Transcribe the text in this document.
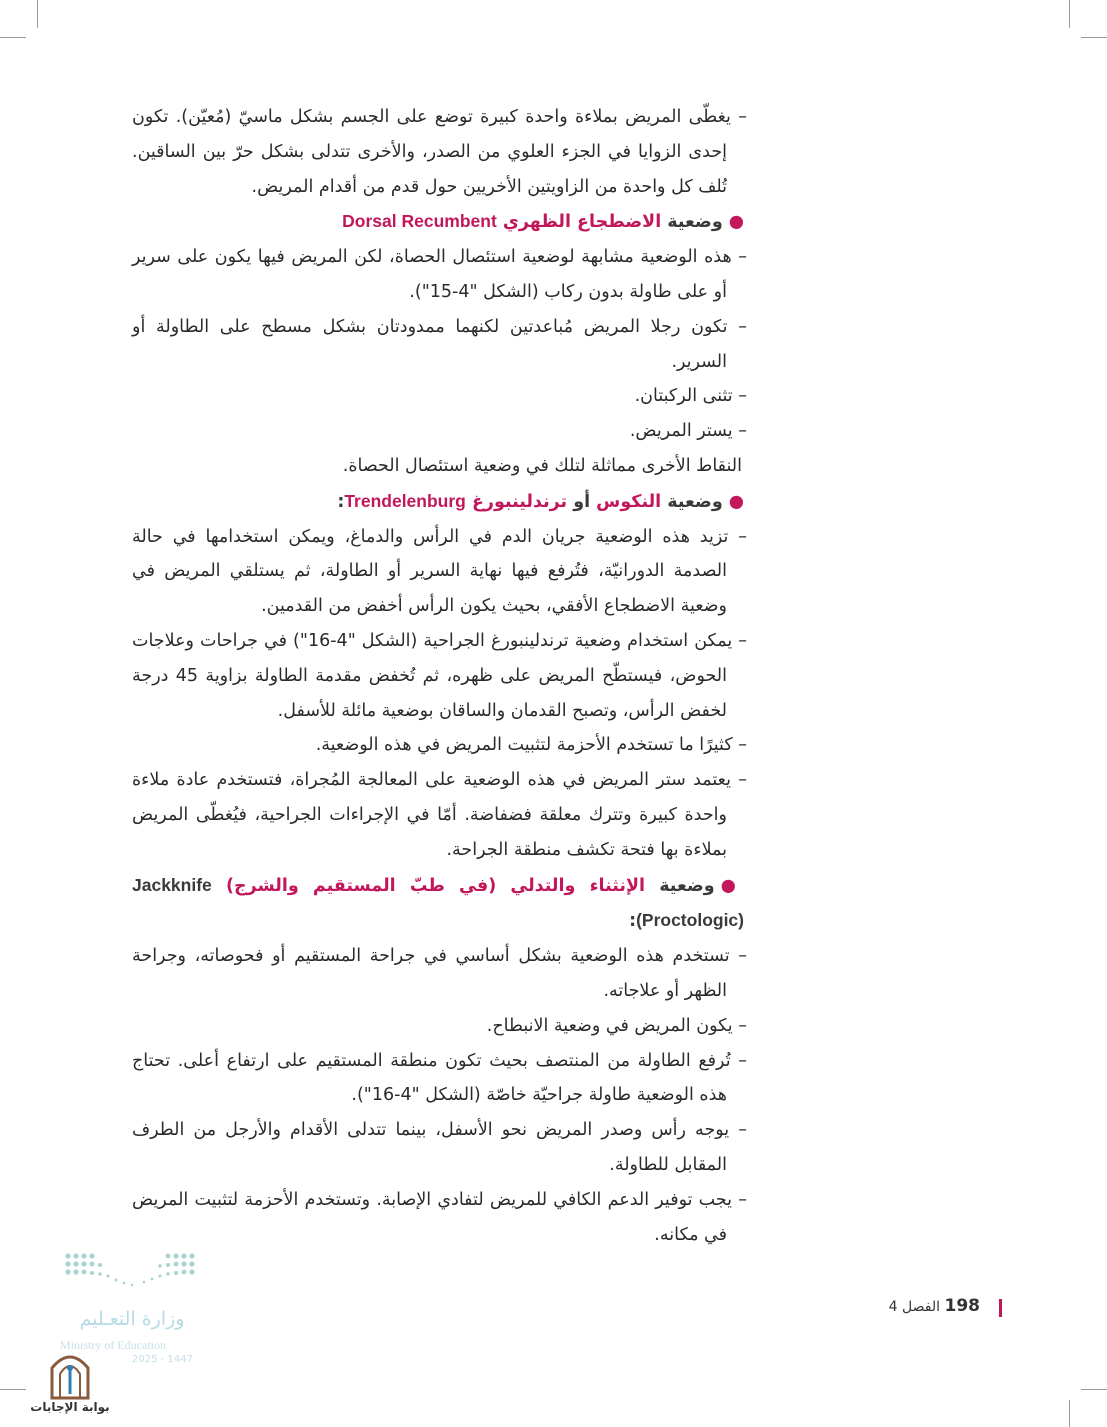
– يغطّى المريض بملاءة واحدة كبيرة توضع على الجسم بشكل ماسيّ (مُعيّن). تكون إحدى الزوايا في الجزء العلوي من الصدر، والأخرى تتدلى بشكل حرّ بين الساقين. تُلف كل واحدة من الزاويتين الأخريين حول قدم من أقدام المريض.

●وضعية الاضطجاع الظهري Dorsal Recumbent

– هذه الوضعية مشابهة لوضعية استئصال الحصاة، لكن المريض فيها يكون على سرير أو على طاولة بدون ركاب (الشكل "4-15").

– تكون رجلا المريض مُباعدتين لكنهما ممدودتان بشكل مسطح على الطاولة أو السرير.

– تثنى الركبتان.

– يستر المريض.

النقاط الأخرى مماثلة لتلك في وضعية استئصال الحصاة.

●وضعية النكوس أو ترندلينبورغ Trendelenburg:

– تزيد هذه الوضعية جريان الدم في الرأس والدماغ، ويمكن استخدامها في حالة الصدمة الدورانيّة، فتُرفع فيها نهاية السرير أو الطاولة، ثم يستلقي المريض في وضعية الاضطجاع الأفقي، بحيث يكون الرأس أخفض من القدمين.

– يمكن استخدام وضعية ترندلينبورغ الجراحية (الشكل "4-16") في جراحات وعلاجات الحوض، فيستطّح المريض على ظهره، ثم تُخفض مقدمة الطاولة بزاوية 45 درجة لخفض الرأس، وتصبح القدمان والساقان بوضعية مائلة للأسفل.

– كثيرًا ما تستخدم الأحزمة لتثبيت المريض في هذه الوضعية.

– يعتمد ستر المريض في هذه الوضعية على المعالجة المُجراة، فتستخدم عادة ملاءة واحدة كبيرة وتترك معلقة فضفاضة. أمّا في الإجراءات الجراحية، فيُغطّى المريض بملاءة بها فتحة تكشف منطقة الجراحة.

●وضعية الإنثناء والتدلي (في طبّ المستقيم والشرج) Jackknife (Proctologic):

– تستخدم هذه الوضعية بشكل أساسي في جراحة المستقيم أو فحوصاته، وجراحة الظهر أو علاجاته.

– يكون المريض في وضعية الانبطاح.

– تُرفع الطاولة من المنتصف بحيث تكون منطقة المستقيم على ارتفاع أعلى. تحتاج هذه الوضعية طاولة جراحيّة خاصّة (الشكل "4-16").

– يوجه رأس وصدر المريض نحو الأسفل، بينما تتدلى الأقدام والأرجل من الطرف المقابل للطاولة.

– يجب توفير الدعم الكافي للمريض لتفادي الإصابة. وتستخدم الأحزمة لتثبيت المريض في مكانه.

198
الفصل 4
وزارة التعـليم
Ministry of Education
2025 - 1447
بوابة الإجابات
